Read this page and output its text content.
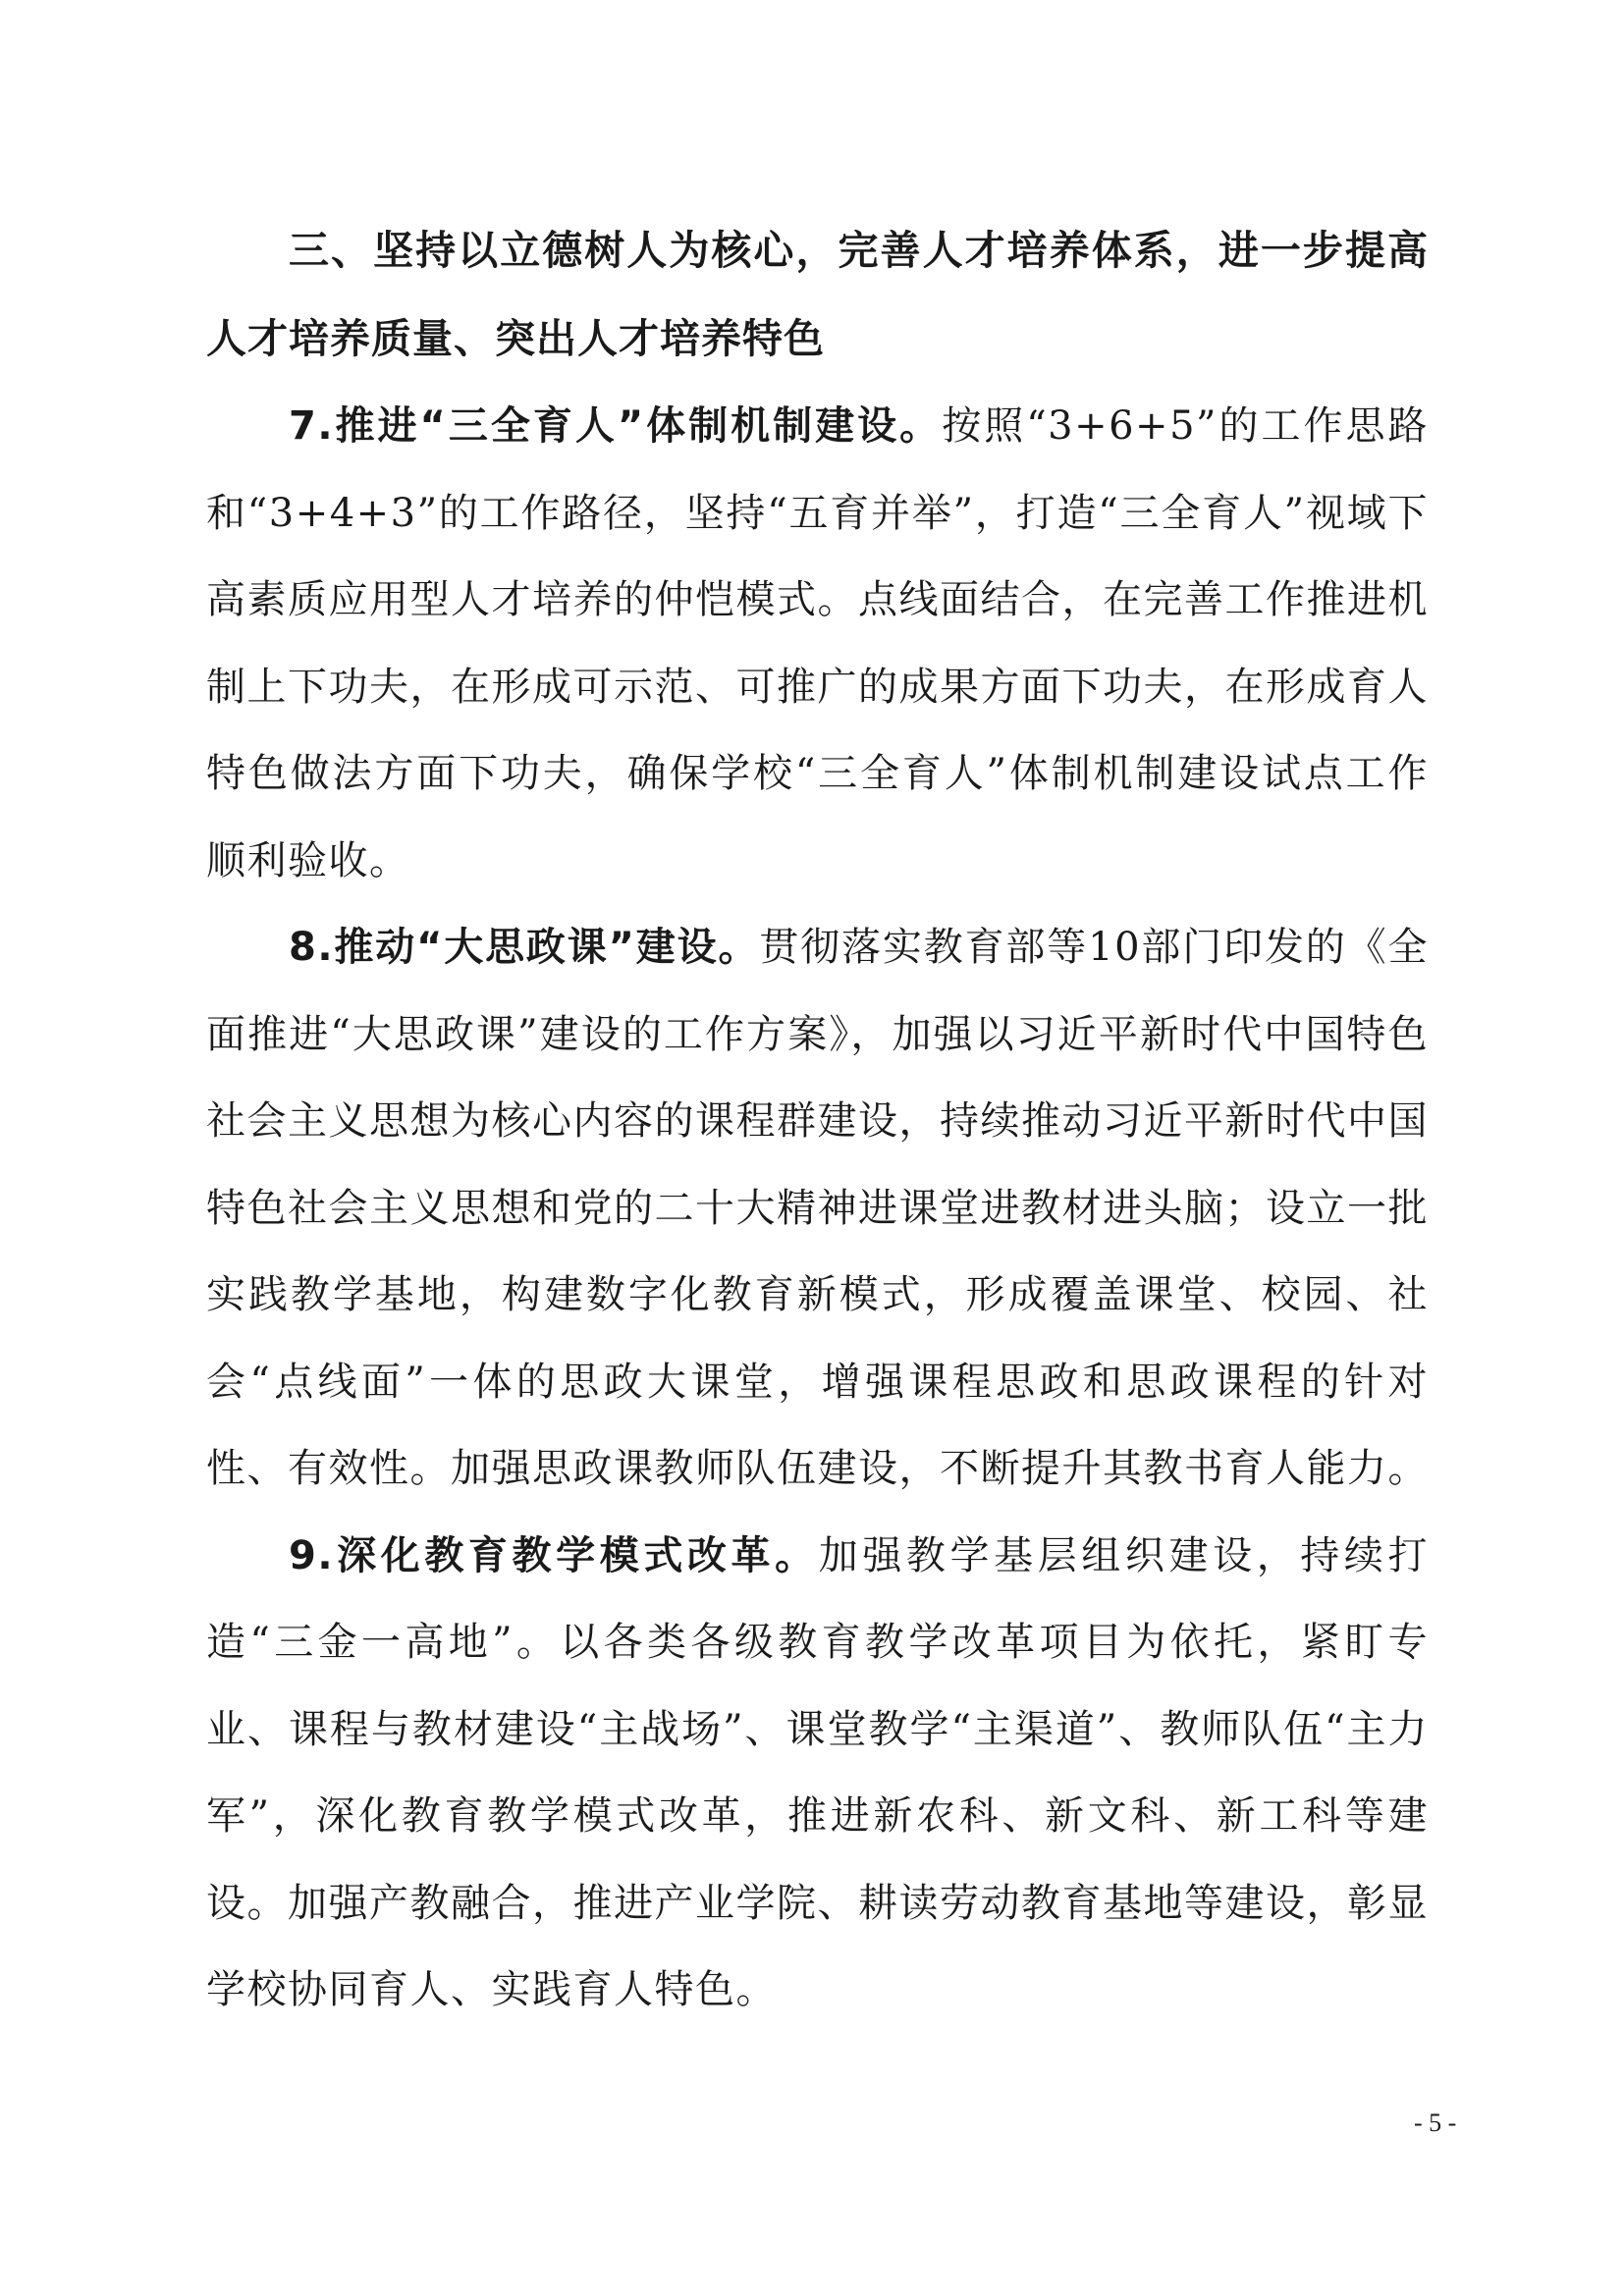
三、坚持以立德树人为核心，完善人才培养体系，进一步提高人才培养质量、突出人才培养特色

7.推进“三全育人”体制机制建设。按照“3+6+5”的工作思路和“3+4+3”的工作路径，坚持“五育并举”，打造“三全育人”视域下高素质应用型人才培养的仲恺模式。点线面结合，在完善工作推进机制上下功夫，在形成可示范、可推广的成果方面下功夫，在形成育人特色做法方面下功夫，确保学校“三全育人”体制机制建设试点工作顺利验收。

8.推动“大思政课”建设。贯彻落实教育部等10部门印发的《全面推进“大思政课”建设的工作方案》，加强以习近平新时代中国特色社会主义思想为核心内容的课程群建设，持续推动习近平新时代中国特色社会主义思想和党的二十大精神进课堂进教材进头脑；设立一批实践教学基地，构建数字化教育新模式，形成覆盖课堂、校园、社会“点线面”一体的思政大课堂，增强课程思政和思政课程的针对性、有效性。加强思政课教师队伍建设，不断提升其教书育人能力。

9.深化教育教学模式改革。加强教学基层组织建设，持续打造“三金一高地”。以各类各级教育教学改革项目为依托，紧盯专业、课程与教材建设“主战场”、课堂教学“主渠道”、教师队伍“主力军”，深化教育教学模式改革，推进新农科、新文科、新工科等建设。加强产教融合，推进产业学院、耕读劳动教育基地等建设，彰显学校协同育人、实践育人特色。

- 5 -
